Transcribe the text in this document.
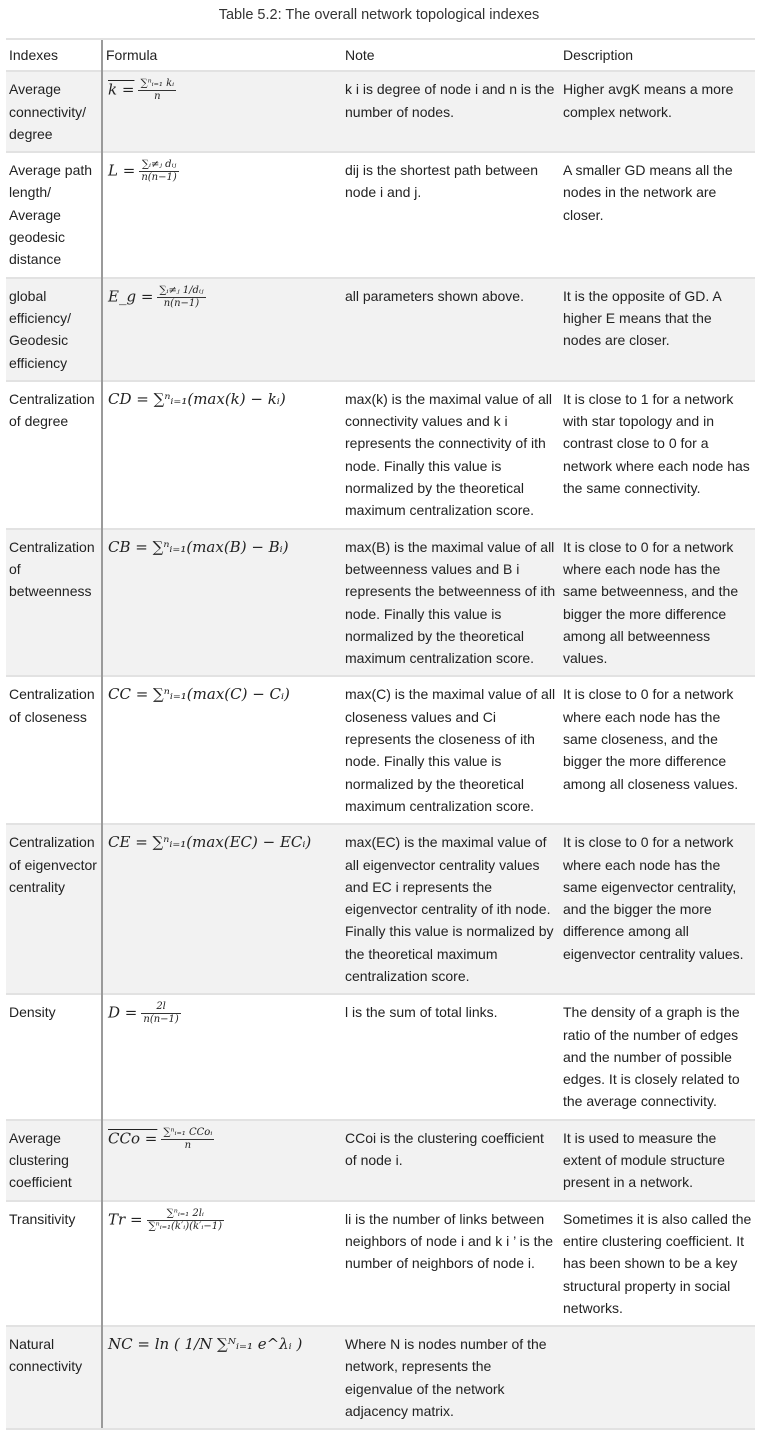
Table 5.2: The overall network topological indexes
Indexes	Formula	Note	Description
Average connectivity/ degree	$k = \frac{\text{∑ⁿᵢ₌₁ kᵢ}}{n}$	k i is degree of node i and n is the number of nodes.	Higher avgK means a more complex network.
Average path length/ Average geodesic distance	$L = \frac{\text{∑ᵢ≠ⱼ dᵢⱼ}}{n(n-1)}$	dij is the shortest path between node i and j.	A smaller GD means all the nodes in the network are closer.
global efficiency/ Geodesic efficiency	E_g = $\frac{\text{∑ᵢ≠ⱼ 1/dᵢⱼ}}{n(n-1)}$	all parameters shown above.	It is the opposite of GD. A higher E means that the nodes are closer.
Centralization of degree	CD = ∑ⁿᵢ₌₁(max(k) − kᵢ)	max(k) is the maximal value of all connectivity values and k i represents the connectivity of ith node. Finally this value is normalized by the theoretical maximum centralization score.	It is close to 1 for a network with star topology and in contrast close to 0 for a network where each node has the same connectivity.
Centralization of betweenness	CB = ∑ⁿᵢ₌₁(max(B) − Bᵢ)	max(B) is the maximal value of all betweenness values and B i represents the betweenness of ith node. Finally this value is normalized by the theoretical maximum centralization score.	It is close to 0 for a network where each node has the same betweenness, and the bigger the more difference among all betweenness values.
Centralization of closeness	CC = ∑ⁿᵢ₌₁(max(C) − Cᵢ)	max(C) is the maximal value of all closeness values and Ci represents the closeness of ith node. Finally this value is normalized by the theoretical maximum centralization score.	It is close to 0 for a network where each node has the same closeness, and the bigger the more difference among all closeness values.
Centralization of eigenvector centrality	CE = ∑ⁿᵢ₌₁(max(EC) − ECᵢ)	max(EC) is the maximal value of all eigenvector centrality values and EC i represents the eigenvector centrality of ith node. Finally this value is normalized by the theoretical maximum centralization score.	It is close to 0 for a network where each node has the same eigenvector centrality, and the bigger the more difference among all eigenvector centrality values.
Density	$D = \frac{2l}{n(n-1)}$	l is the sum of total links.	The density of a graph is the ratio of the number of edges and the number of possible edges. It is closely related to the average connectivity.
Average clustering coefficient	CCo = $\frac{\text{∑ⁿᵢ₌₁ CCoᵢ}}{n}$	CCoi is the clustering coefficient of node i.	It is used to measure the extent of module structure present in a network.
Transitivity	$Tr = \frac{\text{∑ⁿᵢ₌₁ 2lᵢ}}{\text{∑ⁿᵢ₌₁(k′ᵢ)(k′ᵢ−1)}}$	li is the number of links between neighbors of node i and k i ’ is the number of neighbors of node i.	Sometimes it is also called the entire clustering coefficient. It has been shown to be a key structural property in social networks.
Natural connectivity	NC = ln ( 1/N ∑ᴺᵢ₌₁ e^λᵢ )	Where N is nodes number of the network, represents the eigenvalue of the network adjacency matrix.	
